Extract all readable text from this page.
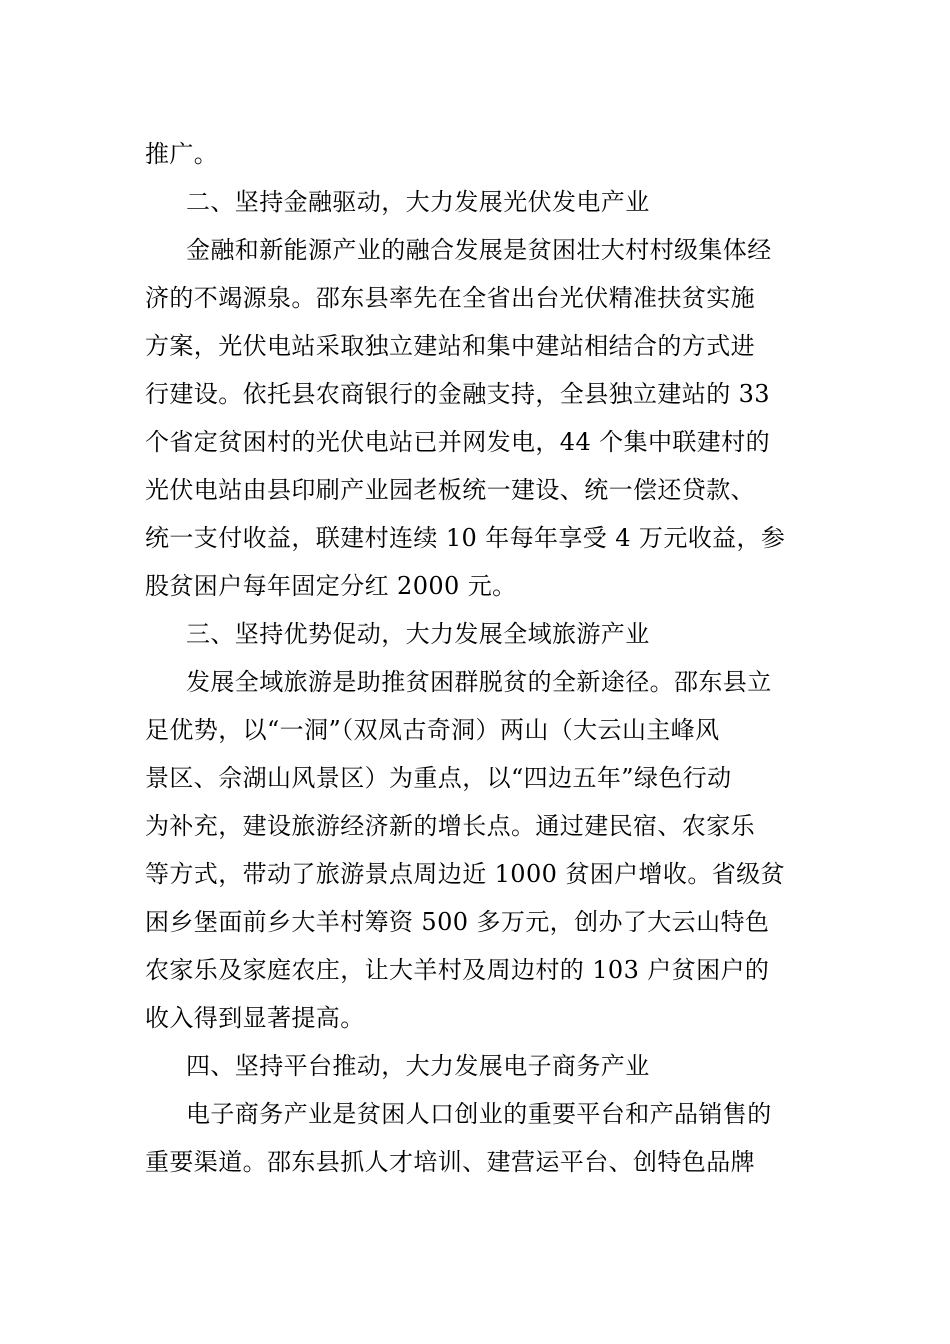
推广。
二、坚持金融驱动，大力发展光伏发电产业
金融和新能源产业的融合发展是贫困壮大村村级集体经
济的不竭源泉。邵东县率先在全省出台光伏精准扶贫实施
方案，光伏电站采取独立建站和集中建站相结合的方式进
行建设。依托县农商银行的金融支持，全县独立建站的 33
个省定贫困村的光伏电站已并网发电，44 个集中联建村的
光伏电站由县印刷产业园老板统一建设、统一偿还贷款、
统一支付收益，联建村连续 10 年每年享受 4 万元收益，参
股贫困户每年固定分红 2000 元。
三、坚持优势促动，大力发展全域旅游产业
发展全域旅游是助推贫困群脱贫的全新途径。邵东县立
足优势，以“一洞”（双凤古奇洞）两山（大云山主峰风
景区、佘湖山风景区）为重点，以“四边五年”绿色行动
为补充，建设旅游经济新的增长点。通过建民宿、农家乐
等方式，带动了旅游景点周边近 1000 贫困户增收。省级贫
困乡堡面前乡大羊村筹资 500 多万元，创办了大云山特色
农家乐及家庭农庄，让大羊村及周边村的 103 户贫困户的
收入得到显著提高。
四、坚持平台推动，大力发展电子商务产业
电子商务产业是贫困人口创业的重要平台和产品销售的
重要渠道。邵东县抓人才培训、建营运平台、创特色品牌
